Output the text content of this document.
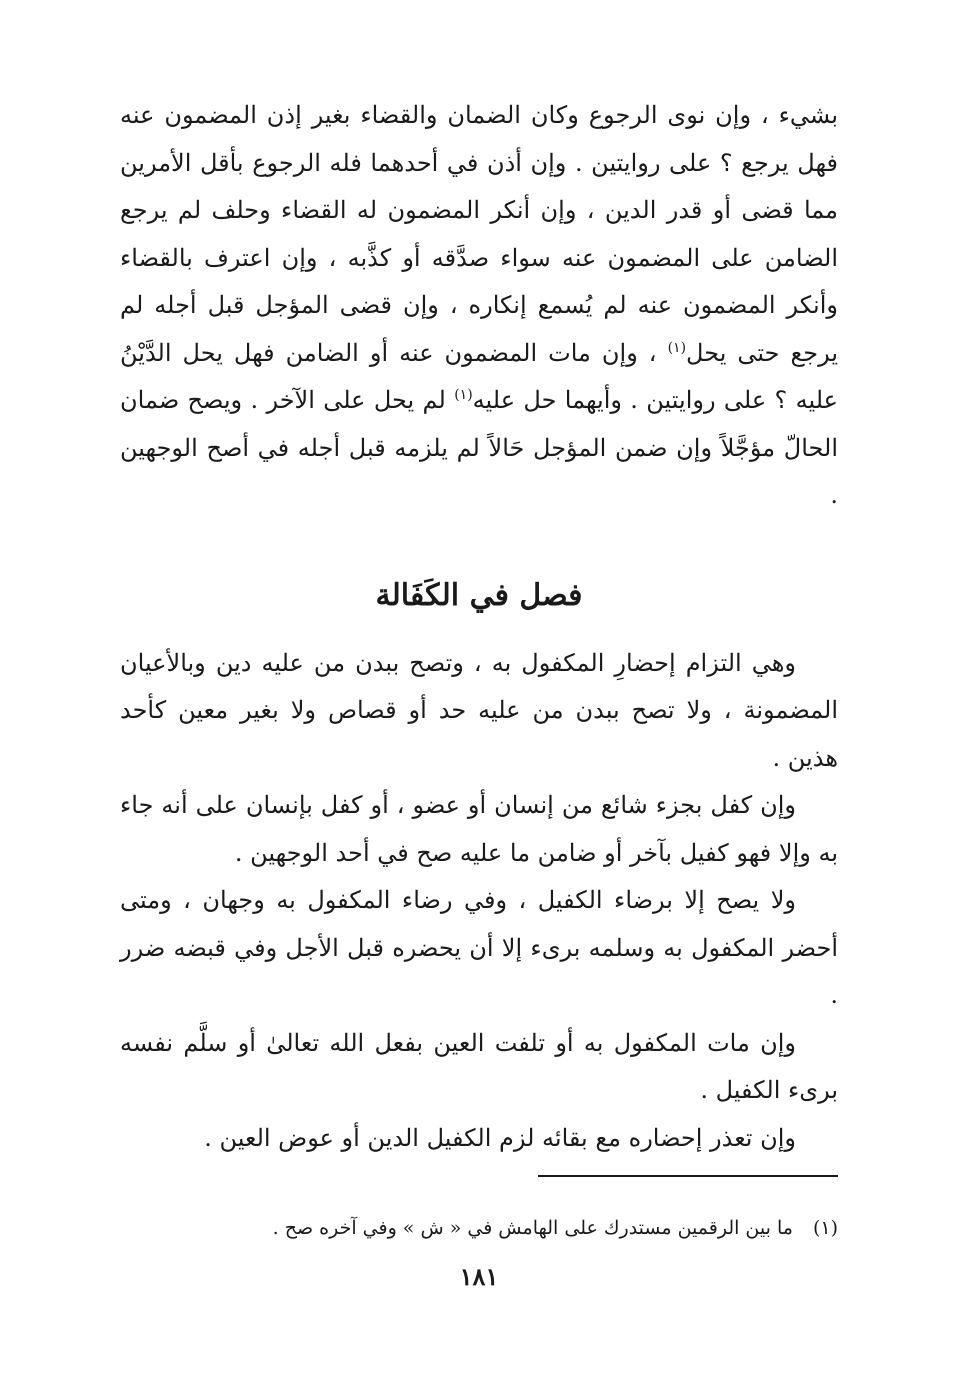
بشيء ، وإن نوى الرجوع وكان الضمان والقضاء بغير إذن المضمون عنه فهل يرجع ؟ على روايتين . وإن أذن في أحدهما فله الرجوع بأقل الأمرين مما قضى أو قدر الدين ، وإن أنكر المضمون له القضاء وحلف لم يرجع الضامن على المضمون عنه سواء صدَّقه أو كذَّبه ، وإن اعترف بالقضاء وأنكر المضمون عنه لم يُسمع إنكاره ، وإن قضى المؤجل قبل أجله لم يرجع حتى يحل$^{(١)}$ ، وإن مات المضمون عنه أو الضامن فهل يحل الدَّيْنُ عليه ؟ على روايتين . وأيهما حل عليه$^{(١)}$ لم يحل على الآخر . ويصح ضمان الحالّ مؤجَّلاً وإن ضمن المؤجل حَالاً لم يلزمه قبل أجله في أصح الوجهين .

فصل في الكَفَالة

وهي التزام إحضارِ المكفول به ، وتصح ببدن من عليه دين وبالأعيان المضمونة ، ولا تصح ببدن من عليه حد أو قصاص ولا بغير معين كأحد هذين .

وإن كفل بجزء شائع من إنسان أو عضو ، أو كفل بإنسان على أنه جاء به وإلا فهو كفيل بآخر أو ضامن ما عليه صح في أحد الوجهين .

ولا يصح إلا برضاء الكفيل ، وفي رضاء المكفول به وجهان ، ومتى أحضر المكفول به وسلمه برىء إلا أن يحضره قبل الأجل وفي قبضه ضرر .

وإن مات المكفول به أو تلفت العين بفعل الله تعالىٰ أو سلَّم نفسه برىء الكفيل .

وإن تعذر إحضاره مع بقائه لزم الكفيل الدين أو عوض العين .

(١)ما بين الرقمين مستدرك على الهامش في « ش » وفي آخره صح .
١٨١
